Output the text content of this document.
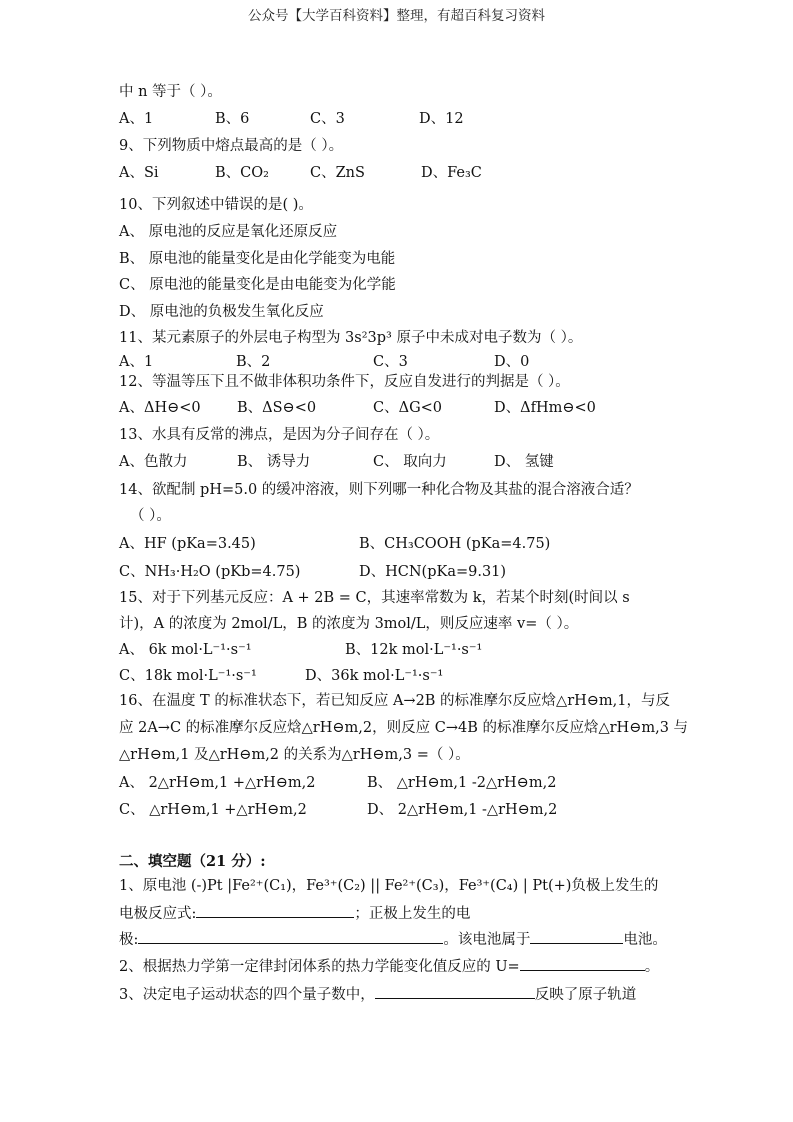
公众号【大学百科资料】整理，有超百科复习资料
中 n 等于（ ）。
A、1	B、6	C、3	D、12
9、下列物质中熔点最高的是（ ）。
A、Si	B、CO₂	C、ZnS	D、Fe₃C
10、下列叙述中错误的是( )。
A、 原电池的反应是氧化还原反应
B、 原电池的能量变化是由化学能变为电能
C、 原电池的能量变化是由电能变为化学能
D、 原电池的负极发生氧化反应
11、某元素原子的外层电子构型为 3s²3p³ 原子中未成对电子数为（ ）。
A、1	B、2	C、3	D、0
12、等温等压下且不做非体积功条件下，反应自发进行的判据是（ ）。
A、ΔH⊖<0	B、ΔS⊖<0	C、ΔG<0	D、ΔfHm⊖<0
13、水具有反常的沸点，是因为分子间存在（ ）。
A、色散力	B、 诱导力	C、 取向力	D、 氢键
14、欲配制 pH=5.0 的缓冲溶液，则下列哪一种化合物及其盐的混合溶液合适？
（ ）。
A、HF (pKa=3.45)	B、CH₃COOH (pKa=4.75)
C、NH₃·H₂O (pKb=4.75)	D、HCN(pKa=9.31)
15、对于下列基元反应：A + 2B = C，其速率常数为 k，若某个时刻(时间以 s
计)，A 的浓度为 2mol/L，B 的浓度为 3mol/L，则反应速率 v=（ ）。
A、 6k mol·L⁻¹·s⁻¹	B、12k mol·L⁻¹·s⁻¹
C、18k mol·L⁻¹·s⁻¹	D、36k mol·L⁻¹·s⁻¹
16、在温度 T 的标准状态下，若已知反应 A→2B 的标准摩尔反应焓△rH⊖m,1，与反
应 2A→C 的标准摩尔反应焓△rH⊖m,2，则反应 C→4B 的标准摩尔反应焓△rH⊖m,3 与
△rH⊖m,1 及△rH⊖m,2 的关系为△rH⊖m,3 =（ ）。
A、 2△rH⊖m,1 +△rH⊖m,2	B、 △rH⊖m,1 -2△rH⊖m,2
C、 △rH⊖m,1 +△rH⊖m,2	D、 2△rH⊖m,1 -△rH⊖m,2
二、填空题（21 分）:
1、原电池 (-)Pt |Fe²⁺(C₁)，Fe³⁺(C₂) || Fe²⁺(C₃)，Fe³⁺(C₄) | Pt(+)负极上发生的
电极反应式:	；正极上发生的电
极:	。该电池属于	电池。
2、根据热力学第一定律封闭体系的热力学能变化值反应的 U=	。
3、决定电子运动状态的四个量子数中，	反映了原子轨道
